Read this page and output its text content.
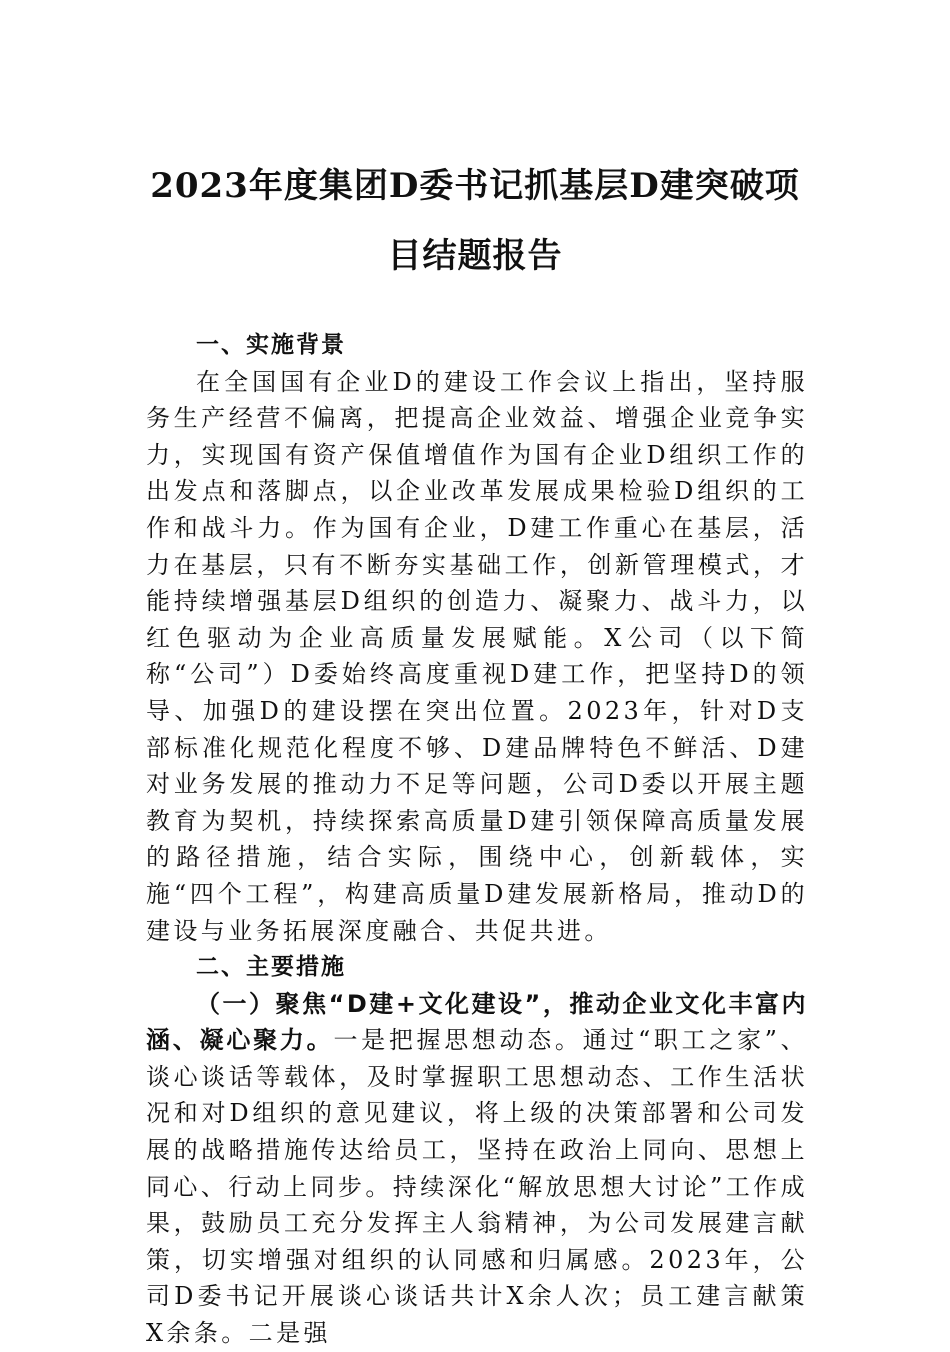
2023年度集团D委书记抓基层D建突破项
目结题报告

一、实施背景

在全国国有企业D的建设工作会议上指出，坚持服务生产经营不偏离，把提高企业效益、增强企业竞争实力，实现国有资产保值增值作为国有企业D组织工作的出发点和落脚点，以企业改革发展成果检验D组织的工作和战斗力。作为国有企业，D建工作重心在基层，活力在基层，只有不断夯实基础工作，创新管理模式，才能持续增强基层D组织的创造力、凝聚力、战斗力，以红色驱动为企业高质量发展赋能。X公司（以下简称“公司”）D委始终高度重视D建工作，把坚持D的领导、加强D的建设摆在突出位置。2023年，针对D支部标准化规范化程度不够、D建品牌特色不鲜活、D建对业务发展的推动力不足等问题，公司D委以开展主题教育为契机，持续探索高质量D建引领保障高质量发展的路径措施，结合实际，围绕中心，创新载体，实施“四个工程”，构建高质量D建发展新格局，推动D的建设与业务拓展深度融合、共促共进。

二、主要措施

（一）聚焦“D建+文化建设”，推动企业文化丰富内涵、凝心聚力。一是把握思想动态。通过“职工之家”、谈心谈话等载体，及时掌握职工思想动态、工作生活状况和对D组织的意见建议，将上级的决策部署和公司发展的战略措施传达给员工，坚持在政治上同向、思想上同心、行动上同步。持续深化“解放思想大讨论”工作成果，鼓励员工充分发挥主人翁精神，为公司发展建言献策，切实增强对组织的认同感和归属感。2023年，公司D委书记开展谈心谈话共计X余人次；员工建言献策X余条。二是强
